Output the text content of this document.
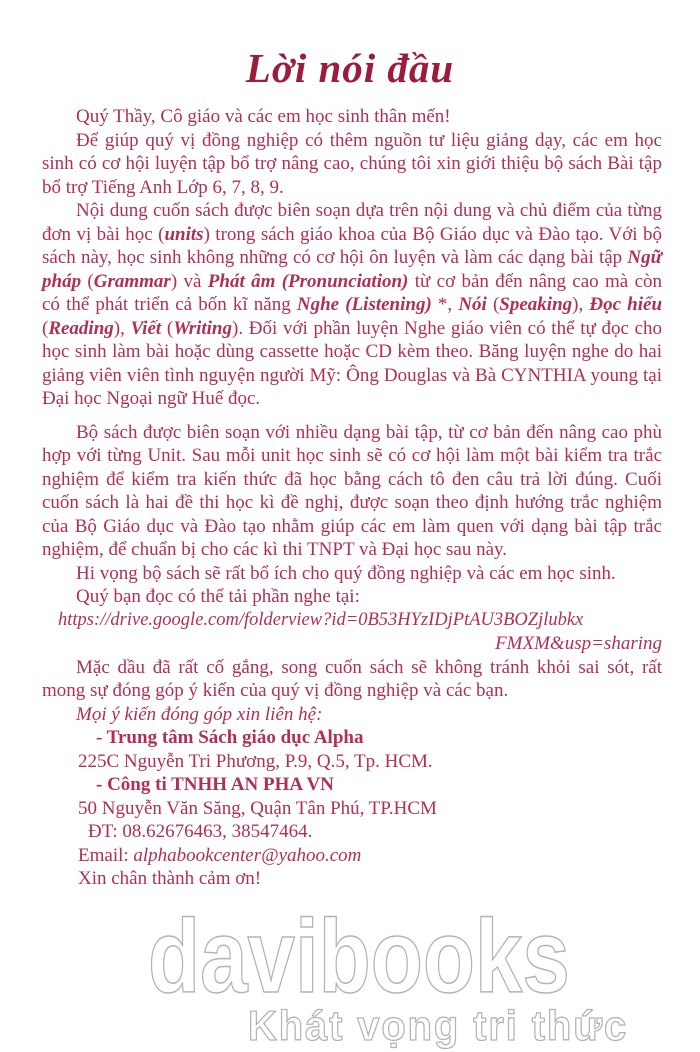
davibooks
Khát vọng tri thức
Lời nói đầu
Quý Thầy, Cô giáo và các em học sinh thân mến!
Để giúp quý vị đồng nghiệp có thêm nguồn tư liệu giảng dạy, các em học sinh có cơ hội luyện tập bổ trợ nâng cao, chúng tôi xin giới thiệu bộ sách Bài tập bổ trợ Tiếng Anh Lớp 6, 7, 8, 9.
Nội dung cuốn sách được biên soạn dựa trên nội dung và chủ điểm của từng đơn vị bài học (units) trong sách giáo khoa của Bộ Giáo dục và Đào tạo. Với bộ sách này, học sinh không những có cơ hội ôn luyện và làm các dạng bài tập Ngữ pháp (Grammar) và Phát âm (Pronunciation) từ cơ bản đến nâng cao mà còn có thể phát triển cả bốn kĩ năng Nghe (Listening) *, Nói (Speaking), Đọc hiểu (Reading), Viết (Writing). Đối với phần luyện Nghe giáo viên có thể tự đọc cho học sinh làm bài hoặc dùng cassette hoặc CD kèm theo. Băng luyện nghe do hai giảng viên viên tình nguyện người Mỹ: Ông Douglas và Bà CYNTHIA young tại Đại học Ngoại ngữ Huế đọc.
Bộ sách được biên soạn với nhiều dạng bài tập, từ cơ bản đến nâng cao phù hợp với từng Unit. Sau mỗi unit học sinh sẽ có cơ hội làm một bài kiểm tra trắc nghiệm để kiểm tra kiến thức đã học bằng cách tô đen câu trả lời đúng. Cuối cuốn sách là hai đề thi học kì đề nghị, được soạn theo định hướng trắc nghiệm của Bộ Giáo dục và Đào tạo nhằm giúp các em làm quen với dạng bài tập trắc nghiệm, để chuẩn bị cho các kì thi TNPT và Đại học sau này.
Hi vọng bộ sách sẽ rất bổ ích cho quý đồng nghiệp và các em học sinh.
Quý bạn đọc có thể tải phần nghe tại:
https://drive.google.com/folderview?id=0B53HYzIDjPtAU3BOZjlubkx
FMXM&usp=sharing
Mặc dầu đã rất cố gắng, song cuốn sách sẽ không tránh khỏi sai sót, rất mong sự đóng góp ý kiến của quý vị đồng nghiệp và các bạn.
Mọi ý kiến đóng góp xin liên hệ:
- Trung tâm Sách giáo dục Alpha
225C Nguyễn Tri Phương, P.9, Q.5, Tp. HCM.
- Công ti TNHH AN PHA VN
50 Nguyễn Văn Săng, Quận Tân Phú, TP.HCM
ĐT: 08.62676463, 38547464.
Email: alphabookcenter@yahoo.com
Xin chân thành cảm ơn!
